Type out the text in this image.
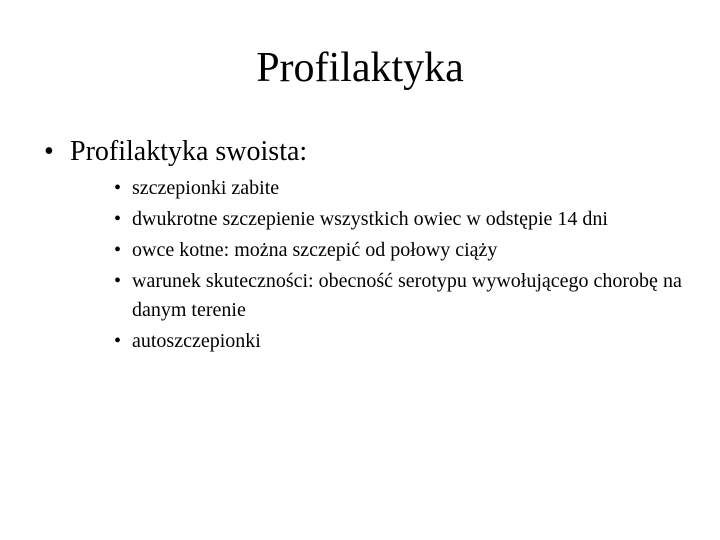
Profilaktyka
• Profilaktyka swoista:
• szczepionki zabite
• dwukrotne szczepienie wszystkich owiec w odstępie 14 dni
• owce kotne: można szczepić od połowy ciąży
• warunek skuteczności: obecność serotypu wywołującego chorobę na danym terenie
• autoszczepionki
